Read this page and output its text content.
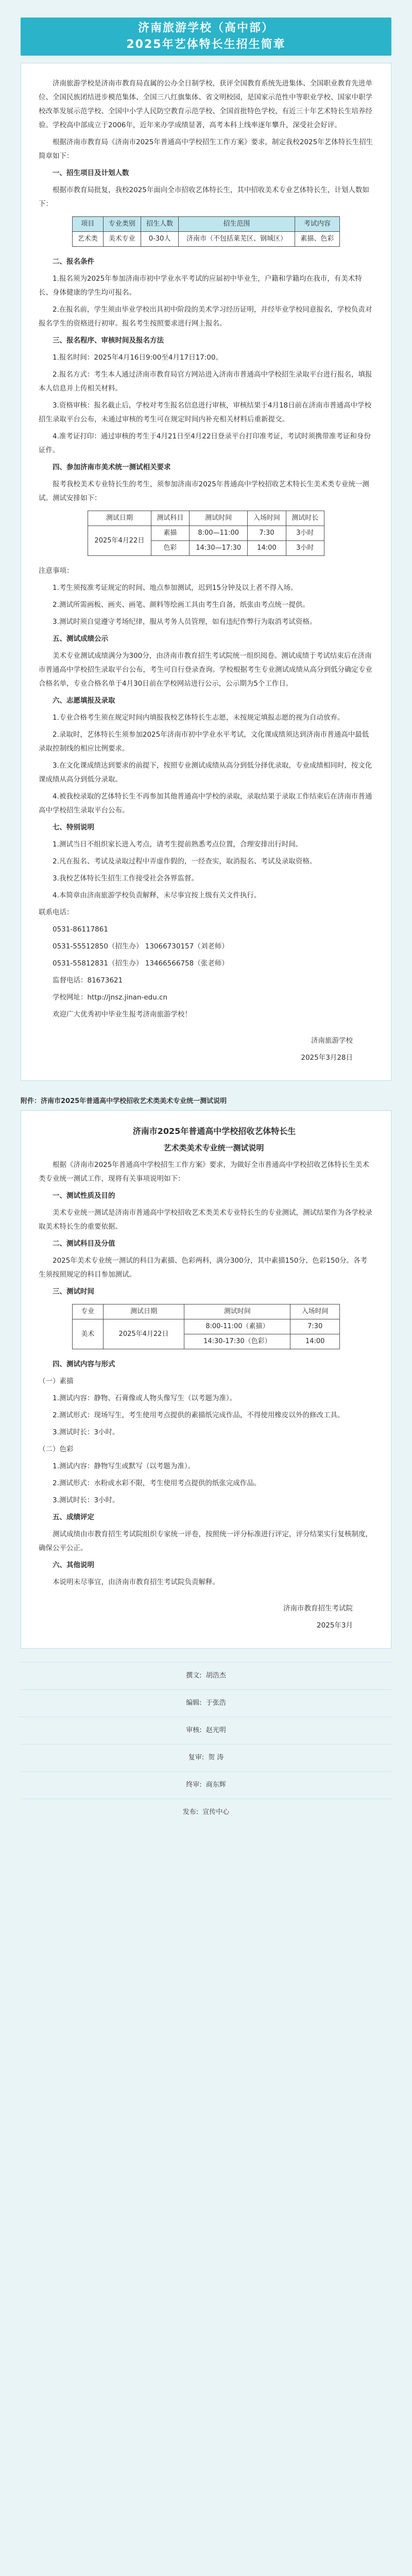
济南旅游学校（高中部）
2025年艺体特长生招生简章

济南旅游学校是济南市教育局直属的公办全日制学校，获评全国教育系统先进集体、全国职业教育先进单位、全国民族团结进步模范集体、全国三八红旗集体、省文明校园，是国家示范性中等职业学校、国家中职学校改革发展示范学校、全国中小学人民防空教育示范学校、全国首批特色学校，有近三十年艺术特长生培养经验。学校高中部成立于2006年，近年来办学成绩显著，高考本科上线率逐年攀升，深受社会好评。

根据济南市教育局《济南市2025年普通高中学校招生工作方案》要求，制定我校2025年艺体特长生招生简章如下：

一、招生项目及计划人数

根据市教育局批复，我校2025年面向全市招收艺体特长生，其中招收美术专业艺体特长生，计划人数如下：

项目	专业类别	招生人数	招生范围	考试内容
艺术类	美术专业	0-30人	济南市（不包括莱芜区、钢城区）	素描、色彩

二、报名条件

1.报名须为2025年参加济南市初中学业水平考试的应届初中毕业生，户籍和学籍均在我市，有美术特长、身体健康的学生均可报名。

2.在报名前，学生须由毕业学校出具初中阶段的美术学习经历证明，并经毕业学校同意报名，学校负责对报名学生的资格进行初审。报名考生按照要求进行网上报名。

三、报名程序、审核时间及报名方法

1.报名时间：2025年4月16日9:00至4月17日17:00。

2.报名方式：考生本人通过济南市教育局官方网站进入济南市普通高中学校招生录取平台进行报名，填报本人信息并上传相关材料。

3.资格审核：报名截止后，学校对考生报名信息进行审核，审核结果于4月18日前在济南市普通高中学校招生录取平台公布，未通过审核的考生可在规定时间内补充相关材料后重新提交。

4.准考证打印：通过审核的考生于4月21日至4月22日登录平台打印准考证，考试时须携带准考证和身份证件。

四、参加济南市美术统一测试相关要求

报考我校美术专业特长生的考生，须参加济南市2025年普通高中学校招收艺术特长生美术类专业统一测试。测试安排如下：

测试日期	测试科目	测试时间	入场时间	测试时长
2025年4月22日	素描	8:00—11:00	7:30	3小时
	色彩	14:30—17:30	14:00	3小时

注意事项：

1.考生须按准考证规定的时间、地点参加测试，迟到15分钟及以上者不得入场。

2.测试所需画板、画夹、画笔、颜料等绘画工具由考生自备，纸张由考点统一提供。

3.测试时须自觉遵守考场纪律，服从考务人员管理，如有违纪作弊行为取消考试资格。

五、测试成绩公示

美术专业测试成绩满分为300分，由济南市教育招生考试院统一组织阅卷。测试成绩于考试结束后在济南市普通高中学校招生录取平台公布，考生可自行登录查询。学校根据考生专业测试成绩从高分到低分确定专业合格名单，专业合格名单于4月30日前在学校网站进行公示，公示期为5个工作日。

六、志愿填报及录取

1.专业合格考生须在规定时间内填报我校艺体特长生志愿，未按规定填报志愿的视为自动放弃。

2.录取时，艺体特长生须参加2025年济南市初中学业水平考试，文化课成绩须达到济南市普通高中最低录取控制线的相应比例要求。

3.在文化课成绩达到要求的前提下，按照专业测试成绩从高分到低分择优录取，专业成绩相同时，按文化课成绩从高分到低分录取。

4.被我校录取的艺体特长生不再参加其他普通高中学校的录取，录取结果于录取工作结束后在济南市普通高中学校招生录取平台公布。

七、特别说明

1.测试当日不组织家长进入考点，请考生提前熟悉考点位置，合理安排出行时间。

2.凡在报名、考试及录取过程中弄虚作假的，一经查实，取消报名、考试及录取资格。

3.我校艺体特长生招生工作接受社会各界监督。

4.本简章由济南旅游学校负责解释，未尽事宜按上级有关文件执行。

联系电话：

0531-86117861

0531-55512850（招生办） 13066730157（刘老师）

0531-55812831（招生办） 13466566758（张老师）

监督电话：81673621

学校网址：http://jnsz.jinan-edu.cn

欢迎广大优秀初中毕业生报考济南旅游学校！

济南旅游学校

2025年3月28日

附件：济南市2025年普通高中学校招收艺术类美术专业统一测试说明

济南市2025年普通高中学校招收艺体特长生

艺术类美术专业统一测试说明

根据《济南市2025年普通高中学校招生工作方案》要求，为做好全市普通高中学校招收艺体特长生美术类专业统一测试工作，现将有关事项说明如下：

一、测试性质及目的

美术专业统一测试是济南市普通高中学校招收艺术类美术专业特长生的专业测试，测试结果作为各学校录取美术特长生的重要依据。

二、测试科目及分值

2025年美术专业统一测试的科目为素描、色彩两科，满分300分，其中素描150分、色彩150分。各考生须按照规定的科目参加测试。

三、测试时间

专业	测试日期	测试时间	入场时间
美术	2025年4月22日	8:00-11:00（素描）	7:30
		14:30-17:30（色彩）	14:00

四、测试内容与形式

（一）素描

1.测试内容：静物、石膏像或人物头像写生（以考题为准）。

2.测试形式：现场写生，考生使用考点提供的素描纸完成作品，不得使用橡皮以外的修改工具。

3.测试时长：3小时。

（二）色彩

1.测试内容：静物写生或默写（以考题为准）。

2.测试形式：水粉或水彩不限，考生使用考点提供的纸张完成作品。

3.测试时长：3小时。

五、成绩评定

测试成绩由市教育招生考试院组织专家统一评卷，按照统一评分标准进行评定，评分结果实行复核制度，确保公平公正。

六、其他说明

本说明未尽事宜，由济南市教育招生考试院负责解释。

济南市教育招生考试院

2025年3月

撰文: 胡浩杰
编辑: 于张浩
审核: 赵光明
复审: 贺 涛
终审: 商东辉
发布: 宣传中心
